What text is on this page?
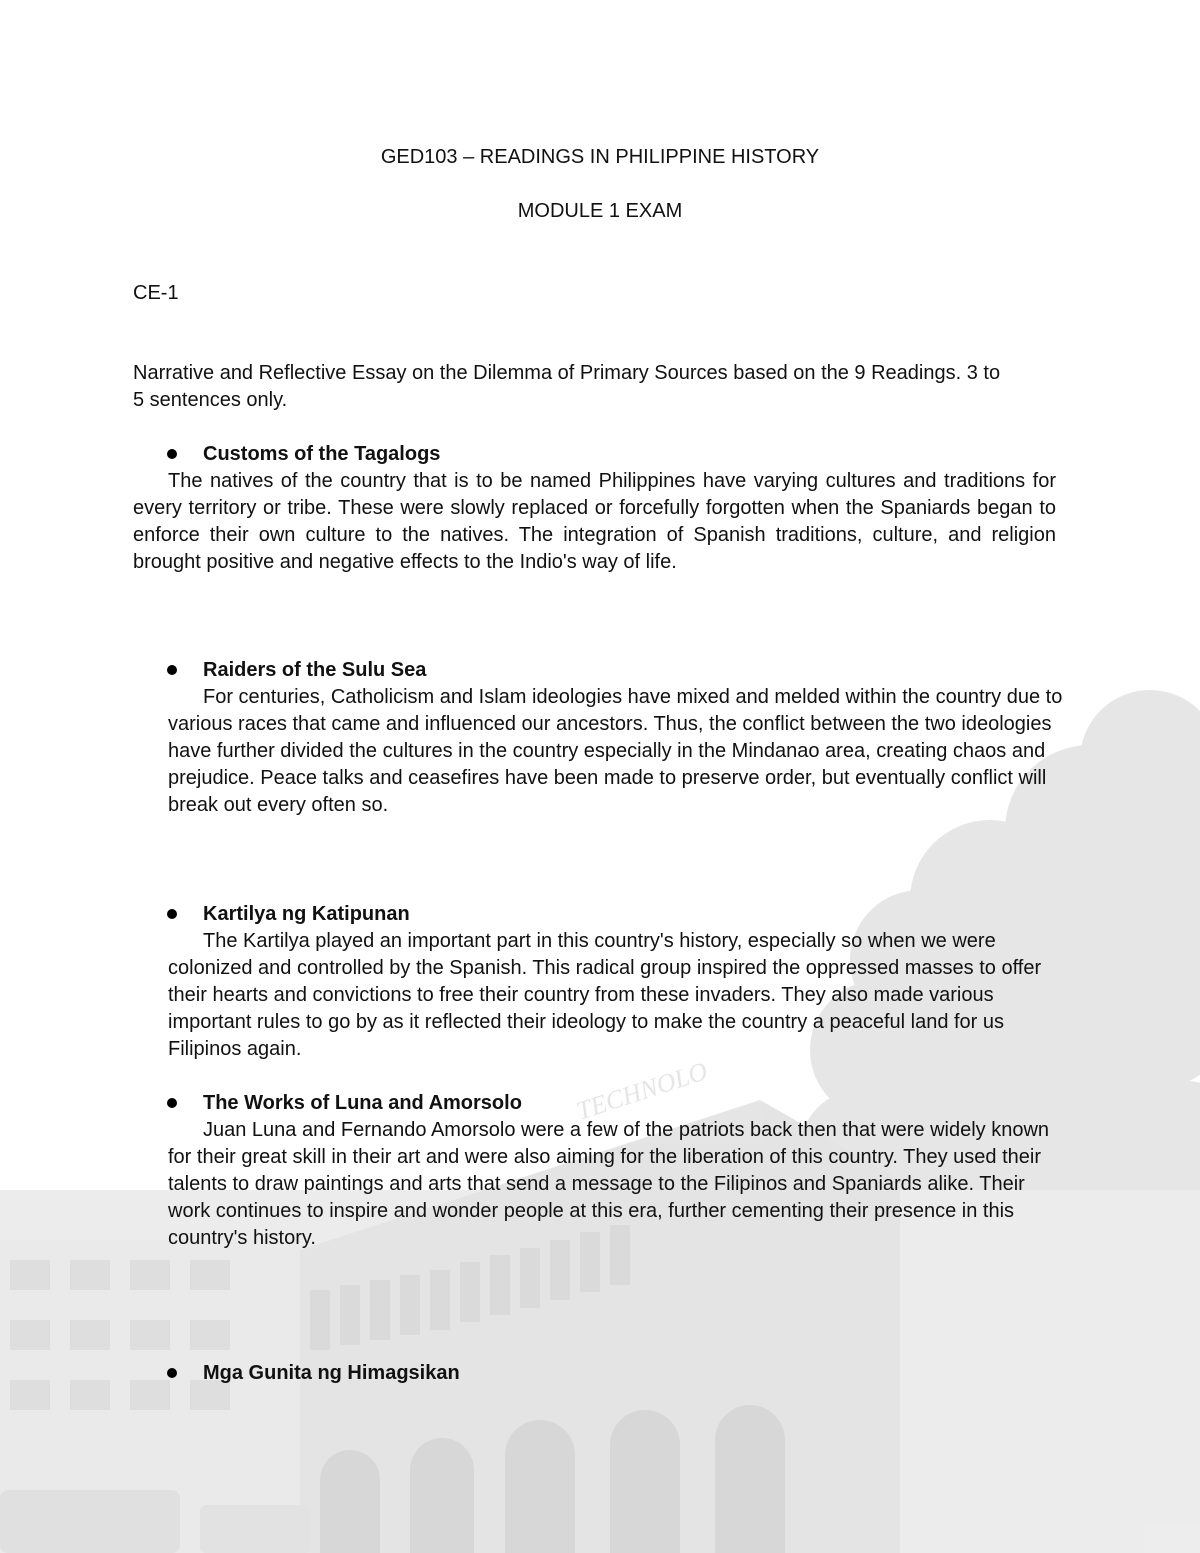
TECHNOLO
GED103 – READINGS IN PHILIPPINE HISTORY
MODULE 1 EXAM
CE-1
Narrative and Reflective Essay on the Dilemma of Primary Sources based on the 9 Readings. 3 to 5 sentences only.
Customs of the Tagalogs
The natives of the country that is to be named Philippines have varying cultures and traditions for every territory or tribe. These were slowly replaced or forcefully forgotten when the Spaniards began to enforce their own culture to the natives. The integration of Spanish traditions, culture, and religion brought positive and negative effects to the Indio's way of life.
Raiders of the Sulu Sea
For centuries, Catholicism and Islam ideologies have mixed and melded within the country due to various races that came and influenced our ancestors. Thus, the conflict between the two ideologies have further divided the cultures in the country especially in the Mindanao area, creating chaos and prejudice. Peace talks and ceasefires have been made to preserve order, but eventually conflict will break out every often so.
Kartilya ng Katipunan
The Kartilya played an important part in this country's history, especially so when we were colonized and controlled by the Spanish. This radical group inspired the oppressed masses to offer their hearts and convictions to free their country from these invaders. They also made various important rules to go by as it reflected their ideology to make the country a peaceful land for us Filipinos again.
The Works of Luna and Amorsolo
Juan Luna and Fernando Amorsolo were a few of the patriots back then that were widely known for their great skill in their art and were also aiming for the liberation of this country. They used their talents to draw paintings and arts that send a message to the Filipinos and Spaniards alike. Their work continues to inspire and wonder people at this era, further cementing their presence in this country's history.
Mga Gunita ng Himagsikan
